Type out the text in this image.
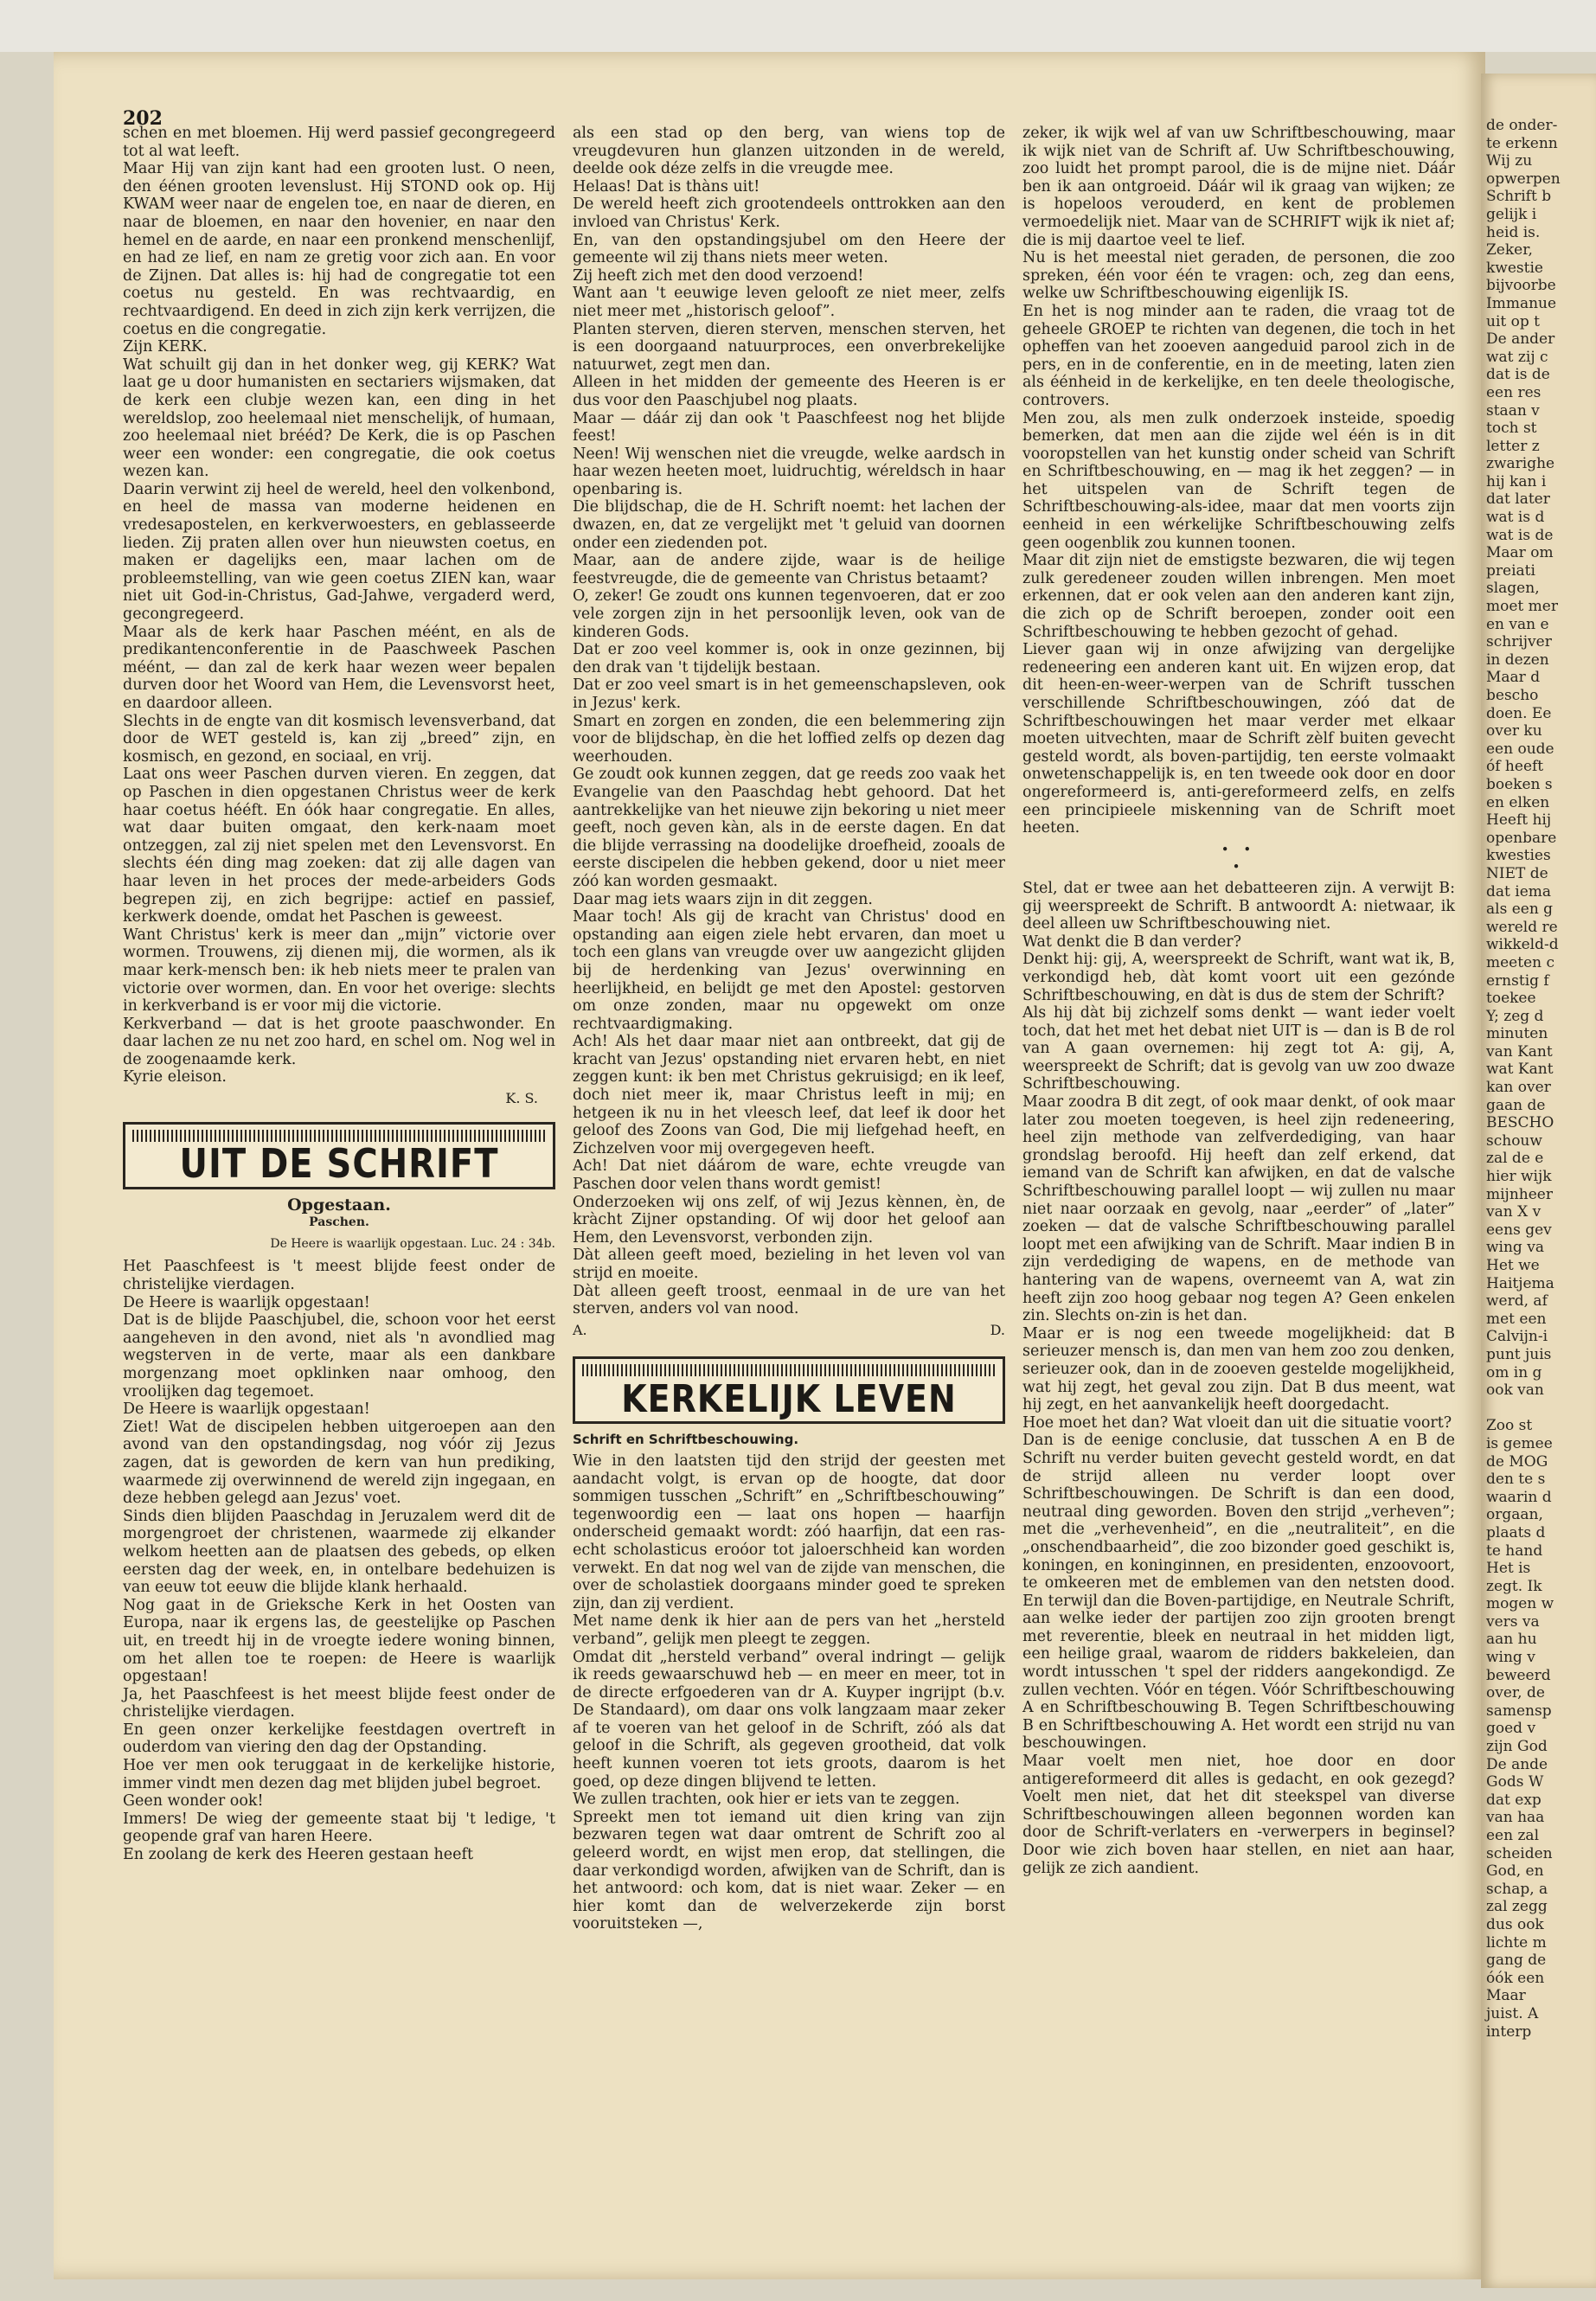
202

schen en met bloemen. Hij werd passief gecongregeerd tot al wat leeft.

Maar Hij van zijn kant had een grooten lust. O neen, den éénen grooten levenslust. Hij STOND ook op. Hij KWAM weer naar de engelen toe, en naar de dieren, en naar de bloemen, en naar den hovenier, en naar den hemel en de aarde, en naar een pronkend menschenlijf, en had ze lief, en nam ze gretig voor zich aan. En voor de Zijnen. Dat alles is: hij had de congregatie tot een coetus nu gesteld. En was rechtvaardig, en rechtvaardigend. En deed in zich zijn kerk verrijzen, die coetus en die congregatie.

Zijn KERK.

Wat schuilt gij dan in het donker weg, gij KERK? Wat laat ge u door humanisten en sectariers wijsmaken, dat de kerk een clubje wezen kan, een ding in het wereldslop, zoo heelemaal niet menschelijk, of humaan, zoo heelemaal niet brééd? De Kerk, die is op Paschen weer een wonder: een congregatie, die ook coetus wezen kan.

Daarin verwint zij heel de wereld, heel den volkenbond, en heel de massa van moderne heidenen en vredesapostelen, en kerkverwoesters, en geblasseerde lieden. Zij praten allen over hun nieuwsten coetus, en maken er dagelijks een, maar lachen om de probleemstelling, van wie geen coetus ZIEN kan, waar niet uit God-in-Christus, Gad-Jahwe, vergaderd werd, gecongregeerd.

Maar als de kerk haar Paschen méént, en als de predikantenconferentie in de Paaschweek Paschen méént, — dan zal de kerk haar wezen weer bepalen durven door het Woord van Hem, die Levensvorst heet, en daardoor alleen.

Slechts in de engte van dit kosmisch levensverband, dat door de WET gesteld is, kan zij „breed” zijn, en kosmisch, en gezond, en sociaal, en vrij.

Laat ons weer Paschen durven vieren. En zeggen, dat op Paschen in dien opgestanen Christus weer de kerk haar coetus hééft. En óók haar congregatie. En alles, wat daar buiten omgaat, den kerk-naam moet ontzeggen, zal zij niet spelen met den Levensvorst. En slechts één ding mag zoeken: dat zij alle dagen van haar leven in het proces der mede-arbeiders Gods begrepen zij, en zich begrijpe: actief en passief, kerkwerk doende, omdat het Paschen is geweest.

Want Christus' kerk is meer dan „mijn” victorie over wormen. Trouwens, zij dienen mij, die wormen, als ik maar kerk-mensch ben: ik heb niets meer te pralen van victorie over wormen, dan. En voor het overige: slechts in kerkverband is er voor mij die victorie.

Kerkverband — dat is het groote paaschwonder. En daar lachen ze nu net zoo hard, en schel om. Nog wel in de zoogenaamde kerk.

Kyrie eleison.

K. S.
UIT DE SCHRIFT
Opgestaan.
Paschen.
De Heere is waarlijk opgestaan. Luc. 24 : 34b.

Het Paaschfeest is 't meest blijde feest onder de christelijke vierdagen.

De Heere is waarlijk opgestaan!

Dat is de blijde Paaschjubel, die, schoon voor het eerst aangeheven in den avond, niet als 'n avondlied mag wegsterven in de verte, maar als een dankbare morgenzang moet opklinken naar omhoog, den vroolijken dag tegemoet.

De Heere is waarlijk opgestaan!

Ziet! Wat de discipelen hebben uitgeroepen aan den avond van den opstandingsdag, nog vóór zij Jezus zagen, dat is geworden de kern van hun prediking, waarmede zij overwinnend de wereld zijn ingegaan, en deze hebben gelegd aan Jezus' voet.

Sinds dien blijden Paaschdag in Jeruzalem werd dit de morgengroet der christenen, waarmede zij elkander welkom heetten aan de plaatsen des gebeds, op elken eersten dag der week, en, in ontelbare bedehuizen is van eeuw tot eeuw die blijde klank herhaald.

Nog gaat in de Grieksche Kerk in het Oosten van Europa, naar ik ergens las, de geestelijke op Paschen uit, en treedt hij in de vroegte iedere woning binnen, om het allen toe te roepen: de Heere is waarlijk opgestaan!

Ja, het Paaschfeest is het meest blijde feest onder de christelijke vierdagen.

En geen onzer kerkelijke feestdagen overtreft in ouderdom van viering den dag der Opstanding.

Hoe ver men ook teruggaat in de kerkelijke historie, immer vindt men dezen dag met blijden jubel begroet.

Geen wonder ook!

Immers! De wieg der gemeente staat bij 't ledige, 't geopende graf van haren Heere.

En zoolang de kerk des Heeren gestaan heeft

als een stad op den berg, van wiens top de vreugdevuren hun glanzen uitzonden in de wereld, deelde ook déze zelfs in die vreugde mee.

Helaas! Dat is thàns uit!

De wereld heeft zich grootendeels onttrokken aan den invloed van Christus' Kerk.

En, van den opstandingsjubel om den Heere der gemeente wil zij thans niets meer weten.

Zij heeft zich met den dood verzoend!

Want aan 't eeuwige leven gelooft ze niet meer, zelfs niet meer met „historisch geloof”.

Planten sterven, dieren sterven, menschen sterven, het is een doorgaand natuurproces, een onverbrekelijke natuurwet, zegt men dan.

Alleen in het midden der gemeente des Heeren is er dus voor den Paaschjubel nog plaats.

Maar — dáár zij dan ook 't Paaschfeest nog het blijde feest!

Neen! Wij wenschen niet die vreugde, welke aardsch in haar wezen heeten moet, luidruchtig, wéreldsch in haar openbaring is.

Die blijdschap, die de H. Schrift noemt: het lachen der dwazen, en, dat ze vergelijkt met 't geluid van doornen onder een ziedenden pot.

Maar, aan de andere zijde, waar is de heilige feestvreugde, die de gemeente van Christus betaamt?

O, zeker! Ge zoudt ons kunnen tegenvoeren, dat er zoo vele zorgen zijn in het persoonlijk leven, ook van de kinderen Gods.

Dat er zoo veel kommer is, ook in onze gezinnen, bij den drak van 't tijdelijk bestaan.

Dat er zoo veel smart is in het gemeenschapsleven, ook in Jezus' kerk.

Smart en zorgen en zonden, die een belemmering zijn voor de blijdschap, èn die het loffied zelfs op dezen dag weerhouden.

Ge zoudt ook kunnen zeggen, dat ge reeds zoo vaak het Evangelie van den Paaschdag hebt gehoord. Dat het aantrekkelijke van het nieuwe zijn bekoring u niet meer geeft, noch geven kàn, als in de eerste dagen. En dat die blijde verrassing na doodelijke droefheid, zooals de eerste discipelen die hebben gekend, door u niet meer zóó kan worden gesmaakt.

Daar mag iets waars zijn in dit zeggen.

Maar toch! Als gij de kracht van Christus' dood en opstanding aan eigen ziele hebt ervaren, dan moet u toch een glans van vreugde over uw aangezicht glijden bij de herdenking van Jezus' overwinning en heerlijkheid, en belijdt ge met den Apostel: gestorven om onze zonden, maar nu opgewekt om onze rechtvaardigmaking.

Ach! Als het daar maar niet aan ontbreekt, dat gij de kracht van Jezus' opstanding niet ervaren hebt, en niet zeggen kunt: ik ben met Christus gekruisigd; en ik leef, doch niet meer ik, maar Christus leeft in mij; en hetgeen ik nu in het vleesch leef, dat leef ik door het geloof des Zoons van God, Die mij liefgehad heeft, en Zichzelven voor mij overgegeven heeft.

Ach! Dat niet dáárom de ware, echte vreugde van Paschen door velen thans wordt gemist!

Onderzoeken wij ons zelf, of wij Jezus kènnen, èn, de kràcht Zijner opstanding. Of wij door het geloof aan Hem, den Levensvorst, verbonden zijn.

Dàt alleen geeft moed, bezieling in het leven vol van strijd en moeite.

Dàt alleen geeft troost, eenmaal in de ure van het sterven, anders vol van nood.

A.	D.
KERKELIJK LEVEN
Schrift en Schriftbeschouwing.

Wie in den laatsten tijd den strijd der geesten met aandacht volgt, is ervan op de hoogte, dat door sommigen tusschen „Schrift” en „Schriftbeschouwing” tegenwoordig een — laat ons hopen — haarfijn onderscheid gemaakt wordt: zóó haarfijn, dat een ras-echt scholasticus eroóor tot jaloerschheid kan worden verwekt. En dat nog wel van de zijde van menschen, die over de scholastiek doorgaans minder goed te spreken zijn, dan zij verdient.

Met name denk ik hier aan de pers van het „hersteld verband”, gelijk men pleegt te zeggen.

Omdat dit „hersteld verband” overal indringt — gelijk ik reeds gewaarschuwd heb — en meer en meer, tot in de directe erfgoederen van dr A. Kuyper ingrijpt (b.v. De Standaard), om daar ons volk langzaam maar zeker af te voeren van het geloof in de Schrift, zóó als dat geloof in die Schrift, als gegeven grootheid, dat volk heeft kunnen voeren tot iets groots, daarom is het goed, op deze dingen blijvend te letten.

We zullen trachten, ook hier er iets van te zeggen.

Spreekt men tot iemand uit dien kring van zijn bezwaren tegen wat daar omtrent de Schrift zoo al geleerd wordt, en wijst men erop, dat stellingen, die daar verkondigd worden, afwijken van de Schrift, dan is het antwoord: och kom, dat is niet waar. Zeker — en hier komt dan de welverzekerde zijn borst vooruitsteken —,

zeker, ik wijk wel af van uw Schriftbeschouwing, maar ik wijk niet van de Schrift af. Uw Schriftbeschouwing, zoo luidt het prompt parool, die is de mijne niet. Dáár ben ik aan ontgroeid. Dáár wil ik graag van wijken; ze is hopeloos verouderd, en kent de problemen vermoedelijk niet. Maar van de SCHRIFT wijk ik niet af; die is mij daartoe veel te lief.

Nu is het meestal niet geraden, de personen, die zoo spreken, één voor één te vragen: och, zeg dan eens, welke uw Schriftbeschouwing eigenlijk IS.

En het is nog minder aan te raden, die vraag tot de geheele GROEP te richten van degenen, die toch in het opheffen van het zooeven aangeduid parool zich in de pers, en in de conferentie, en in de meeting, laten zien als éénheid in de kerkelijke, en ten deele theologische, controvers.

Men zou, als men zulk onderzoek insteide, spoedig bemerken, dat men aan die zijde wel één is in dit vooropstellen van het kunstig onder scheid van Schrift en Schriftbeschouwing, en — mag ik het zeggen? — in het uitspelen van de Schrift tegen de Schriftbeschouwing-als-idee, maar dat men voorts zijn eenheid in een wérkelijke Schriftbeschouwing zelfs geen oogenblik zou kunnen toonen.

Maar dit zijn niet de emstigste bezwaren, die wij tegen zulk geredeneer zouden willen inbrengen. Men moet erkennen, dat er ook velen aan den anderen kant zijn, die zich op de Schrift beroepen, zonder ooit een Schriftbeschouwing te hebben gezocht of gehad.

Liever gaan wij in onze afwijzing van dergelijke redeneering een anderen kant uit. En wijzen erop, dat dit heen-en-weer-werpen van de Schrift tusschen verschillende Schriftbeschouwingen, zóó dat de Schriftbeschouwingen het maar verder met elkaar moeten uitvechten, maar de Schrift zèlf buiten gevecht gesteld wordt, als boven-partijdig, ten eerste volmaakt onwetenschappelijk is, en ten tweede ook door en door ongereformeerd is, anti-gereformeerd zelfs, en zelfs een principieele miskenning van de Schrift moet heeten.

• •
•

Stel, dat er twee aan het debatteeren zijn. A verwijt B: gij weerspreekt de Schrift. B antwoordt A: nietwaar, ik deel alleen uw Schriftbeschouwing niet.

Wat denkt die B dan verder?

Denkt hij: gij, A, weerspreekt de Schrift, want wat ik, B, verkondigd heb, dàt komt voort uit een gezónde Schriftbeschouwing, en dàt is dus de stem der Schrift?

Als hij dàt bij zichzelf soms denkt — want ieder voelt toch, dat het met het debat niet UIT is — dan is B de rol van A gaan overnemen: hij zegt tot A: gij, A, weerspreekt de Schrift; dat is gevolg van uw zoo dwaze Schriftbeschouwing.

Maar zoodra B dit zegt, of ook maar denkt, of ook maar later zou moeten toegeven, is heel zijn redeneering, heel zijn methode van zelfverdediging, van haar grondslag beroofd. Hij heeft dan zelf erkend, dat iemand van de Schrift kan afwijken, en dat de valsche Schriftbeschouwing parallel loopt — wij zullen nu maar niet naar oorzaak en gevolg, naar „eerder” of „later” zoeken — dat de valsche Schriftbeschouwing parallel loopt met een afwijking van de Schrift. Maar indien B in zijn verdediging de wapens, en de methode van hantering van de wapens, overneemt van A, wat zin heeft zijn zoo hoog gebaar nog tegen A? Geen enkelen zin. Slechts on-zin is het dan.

Maar er is nog een tweede mogelijkheid: dat B serieuzer mensch is, dan men van hem zoo zou denken, serieuzer ook, dan in de zooeven gestelde mogelijkheid, wat hij zegt, het geval zou zijn. Dat B dus meent, wat hij zegt, en het aanvankelijk heeft doorgedacht.

Hoe moet het dan? Wat vloeit dan uit die situatie voort?

Dan is de eenige conclusie, dat tusschen A en B de Schrift nu verder buiten gevecht gesteld wordt, en dat de strijd alleen nu verder loopt over Schriftbeschouwingen. De Schrift is dan een dood, neutraal ding geworden. Boven den strijd „verheven”; met die „verhevenheid”, en die „neutraliteit”, en die „onschendbaarheid”, die zoo bizonder goed geschikt is, koningen, en koninginnen, en presidenten, enzoovoort, te omkeeren met de emblemen van den netsten dood. En terwijl dan die Boven-partijdige, en Neutrale Schrift, aan welke ieder der partijen zoo zijn grooten brengt met reverentie, bleek en neutraal in het midden ligt, een heilige graal, waarom de ridders bakkeleien, dan wordt intusschen 't spel der ridders aangekondigd. Ze zullen vechten. Vóór en tégen. Vóór Schriftbeschouwing A en Schriftbeschouwing B. Tegen Schriftbeschouwing B en Schriftbeschouwing A. Het wordt een strijd nu van beschouwingen.

Maar voelt men niet, hoe door en door antigereformeerd dit alles is gedacht, en ook gezegd? Voelt men niet, dat het dit steekspel van diverse Schriftbeschouwingen alleen begonnen worden kan door de Schrift-verlaters en -verwerpers in beginsel? Door wie zich boven haar stellen, en niet aan haar, gelijk ze zich aandient.

de onder-
te erkenn
Wij zu
opwerpen
Schrift b
gelijk i
heid is.
Zeker,
kwestie
bijvoorbe
Immanue
uit op t
De ander
wat zij c
dat is de
een res
staan v
toch st
letter z
zwarighe
hij kan i
dat later
wat is d
wat is de
Maar om
preiati
slagen,
moet mer
en van e
schrijver
in dezen
Maar d
bescho
doen. Ee
over ku
een oude
óf heeft
boeken s
en elken
Heeft hij
openbare
kwesties
NIET de
dat iema
als een g
wereld re
wikkeld-d
meeten c
ernstig f
toekee
Y; zeg d
minuten
van Kant
wat Kant
kan over
gaan de
BESCHO
schouw
zal de e
hier wijk
mijnheer
van X v
eens gev
wing va
Het we
Haitjema
werd, af
met een
Calvijn-i
punt juis
om in g
ook van

Zoo st
is gemee
de MOG
den te s
waarin d
orgaan,
plaats d
te hand
Het is
zegt. Ik
mogen w
vers va
aan hu
wing v
beweerd
over, de
samensp
goed v
zijn God
De ande
Gods W
dat exp
van haa
een zal
scheiden
God, en
schap, a
zal zegg
dus ook
lichte m
gang de
óók een
Maar
juist. A
interp
